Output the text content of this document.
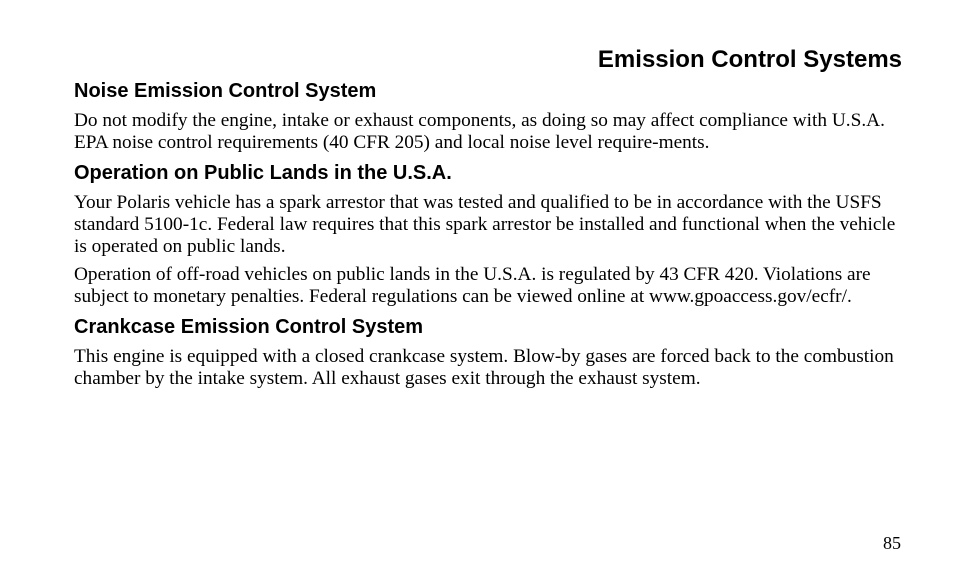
Emission Control Systems
Noise Emission Control System

Do not modify the engine, intake or exhaust components, as doing so may affect compliance with U.S.A. EPA noise control requirements (40 CFR 205) and local noise level require-ments.

Operation on Public Lands in the U.S.A.

Your Polaris vehicle has a spark arrestor that was tested and qualified to be in accordance with the USFS standard 5100-1c. Federal law requires that this spark arrestor be installed and functional when the vehicle is operated on public lands.

Operation of off-road vehicles on public lands in the U.S.A. is regulated by 43 CFR 420. Violations are subject to monetary penalties. Federal regulations can be viewed online at www.gpoaccess.gov/ecfr/.

Crankcase Emission Control System

This engine is equipped with a closed crankcase system. Blow-by gases are forced back to the combustion chamber by the intake system. All exhaust gases exit through the exhaust system.

85
